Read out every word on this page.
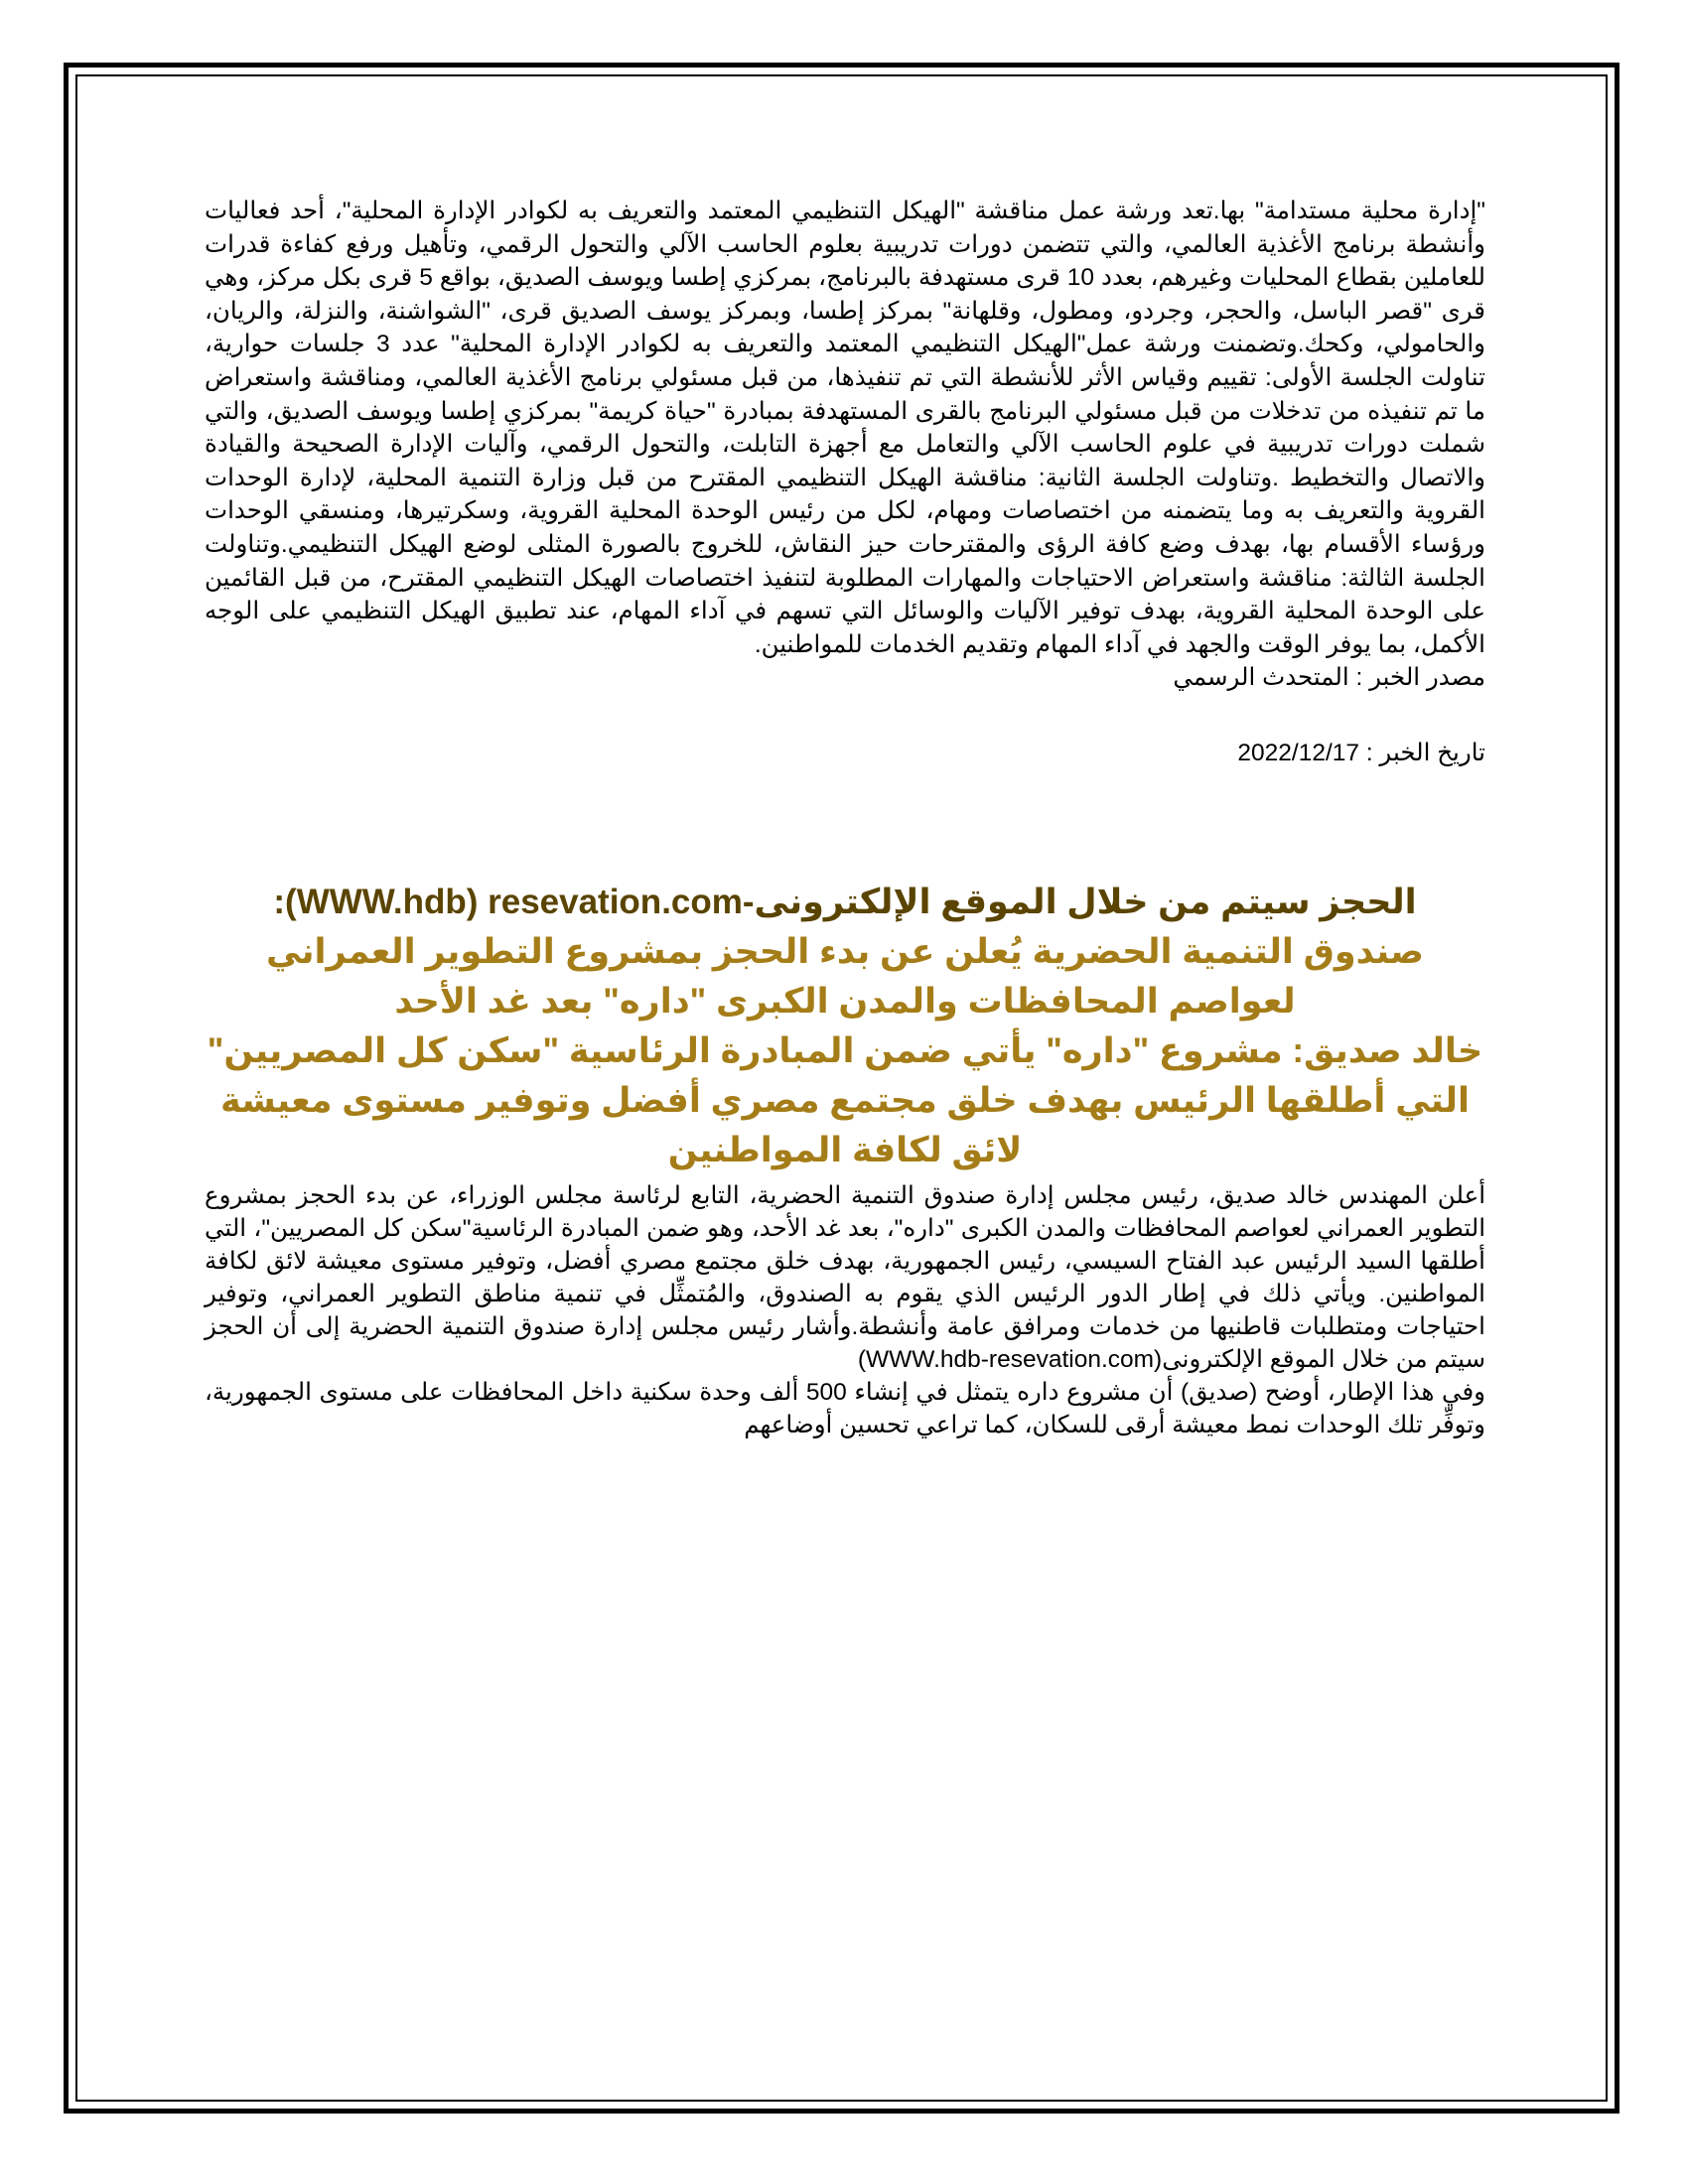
"إدارة محلية مستدامة" بها.تعد ورشة عمل مناقشة "الهيكل التنظيمي المعتمد والتعريف به لكوادر الإدارة المحلية"، أحد فعاليات وأنشطة برنامج الأغذية العالمي، والتي تتضمن دورات تدريبية بعلوم الحاسب الآلي والتحول الرقمي، وتأهيل ورفع كفاءة قدرات للعاملين بقطاع المحليات وغيرهم، بعدد 10 قرى مستهدفة بالبرنامج، بمركزي إطسا ويوسف الصديق، بواقع 5 قرى بكل مركز، وهي قرى "قصر الباسل، والحجر، وجردو، ومطول، وقلهانة" بمركز إطسا، وبمركز يوسف الصديق قرى، "الشواشنة، والنزلة، والريان، والحامولي، وكحك.وتضمنت ورشة عمل"الهيكل التنظيمي المعتمد والتعريف به لكوادر الإدارة المحلية" عدد 3 جلسات حوارية، تناولت الجلسة الأولى: تقييم وقياس الأثر للأنشطة التي تم تنفيذها، من قبل مسئولي برنامج الأغذية العالمي، ومناقشة واستعراض ما تم تنفيذه من تدخلات من قبل مسئولي البرنامج بالقرى المستهدفة بمبادرة "حياة كريمة" بمركزي إطسا ويوسف الصديق، والتي شملت دورات تدريبية في علوم الحاسب الآلي والتعامل مع أجهزة التابلت، والتحول الرقمي، وآليات الإدارة الصحيحة والقيادة والاتصال والتخطيط .وتناولت الجلسة الثانية: مناقشة الهيكل التنظيمي المقترح من قبل وزارة التنمية المحلية، لإدارة الوحدات القروية والتعريف به وما يتضمنه من اختصاصات ومهام، لكل من رئيس الوحدة المحلية القروية، وسكرتيرها، ومنسقي الوحدات ورؤساء الأقسام بها، بهدف وضع كافة الرؤى والمقترحات حيز النقاش، للخروج بالصورة المثلى لوضع الهيكل التنظيمي.وتناولت الجلسة الثالثة: مناقشة واستعراض الاحتياجات والمهارات المطلوبة لتنفيذ اختصاصات الهيكل التنظيمي المقترح، من قبل القائمين على الوحدة المحلية القروية، بهدف توفير الآليات والوسائل التي تسهم في آداء المهام، عند تطبيق الهيكل التنظيمي على الوجه الأكمل، بما يوفر الوقت والجهد في آداء المهام وتقديم الخدمات للمواطنين.

مصدر الخبر : المتحدث الرسمي

تاريخ الخبر : 2022/12/17

الحجز سيتم من خلال الموقع الإلكترونى-WWW.hdb) resevation.com):

صندوق التنمية الحضرية يُعلن عن بدء الحجز بمشروع التطوير العمراني لعواصم المحافظات والمدن الكبرى "داره" بعد غد الأحد

خالد صديق: مشروع "داره" يأتي ضمن المبادرة الرئاسية "سكن كل المصريين" التي أطلقها الرئيس بهدف خلق مجتمع مصري أفضل وتوفير مستوى معيشة لائق لكافة المواطنين

أعلن المهندس خالد صديق، رئيس مجلس إدارة صندوق التنمية الحضرية، التابع لرئاسة مجلس الوزراء، عن بدء الحجز بمشروع التطوير العمراني لعواصم المحافظات والمدن الكبرى "داره"، بعد غد الأحد، وهو ضمن المبادرة الرئاسية"سكن كل المصريين"، التي أطلقها السيد الرئيس عبد الفتاح السيسي، رئيس الجمهورية، بهدف خلق مجتمع مصري أفضل، وتوفير مستوى معيشة لائق لكافة المواطنين. ويأتي ذلك في إطار الدور الرئيس الذي يقوم به الصندوق، والمُتمثِّل في تنمية مناطق التطوير العمراني، وتوفير احتياجات ومتطلبات قاطنيها من خدمات ومرافق عامة وأنشطة.وأشار رئيس مجلس إدارة صندوق التنمية الحضرية إلى أن الحجز سيتم من خلال الموقع الإلكترونى(WWW.hdb-resevation.com)

وفي هذا الإطار، أوضح (صديق) أن مشروع داره يتمثل في إنشاء 500 ألف وحدة سكنية داخل المحافظات على مستوى الجمهورية، وتوفِّر تلك الوحدات نمط معيشة أرقى للسكان، كما تراعي تحسين أوضاعهم
